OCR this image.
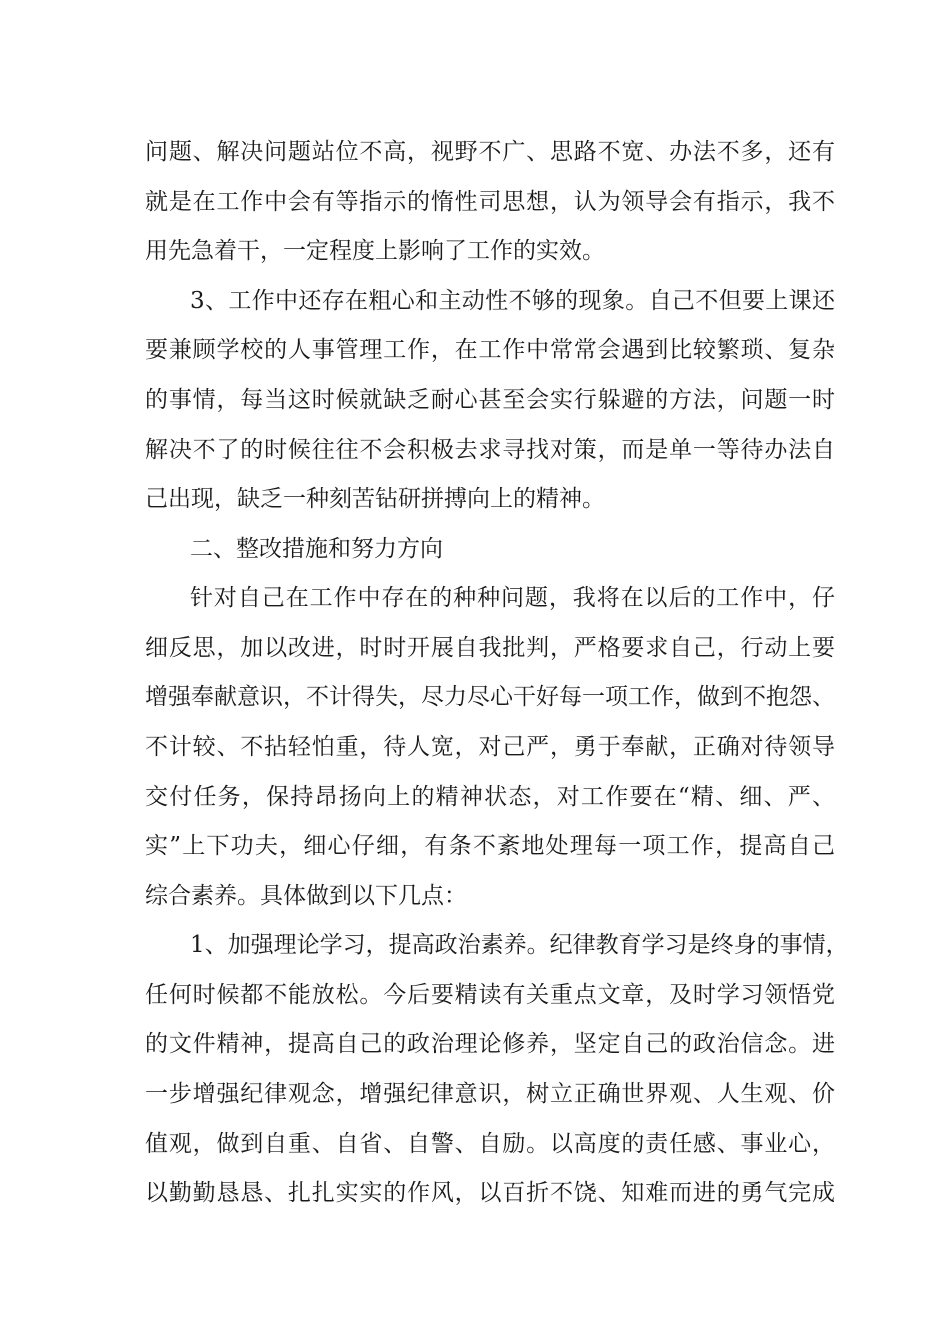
问题、解决问题站位不高，视野不广、思路不宽、办法不多，还有
就是在工作中会有等指示的惰性司思想，认为领导会有指示，我不
用先急着干，一定程度上影响了工作的实效。
3、工作中还存在粗心和主动性不够的现象。自己不但要上课还
要兼顾学校的人事管理工作，在工作中常常会遇到比较繁琐、复杂
的事情，每当这时候就缺乏耐心甚至会实行躲避的方法，问题一时
解决不了的时候往往不会积极去求寻找对策，而是单一等待办法自
己出现，缺乏一种刻苦钻研拼搏向上的精神。
二、整改措施和努力方向
针对自己在工作中存在的种种问题，我将在以后的工作中，仔
细反思，加以改进，时时开展自我批判，严格要求自己，行动上要
增强奉献意识，不计得失，尽力尽心干好每一项工作，做到不抱怨、
不计较、不拈轻怕重，待人宽，对己严，勇于奉献，正确对待领导
交付任务，保持昂扬向上的精神状态，对工作要在“精、细、严、
实”上下功夫，细心仔细，有条不紊地处理每一项工作，提高自己
综合素养。具体做到以下几点：
1、加强理论学习，提高政治素养。纪律教育学习是终身的事情，
任何时候都不能放松。今后要精读有关重点文章，及时学习领悟党
的文件精神，提高自己的政治理论修养，坚定自己的政治信念。进
一步增强纪律观念，增强纪律意识，树立正确世界观、人生观、价
值观，做到自重、自省、自警、自励。以高度的责任感、事业心，
以勤勤恳恳、扎扎实实的作风，以百折不饶、知难而进的勇气完成
